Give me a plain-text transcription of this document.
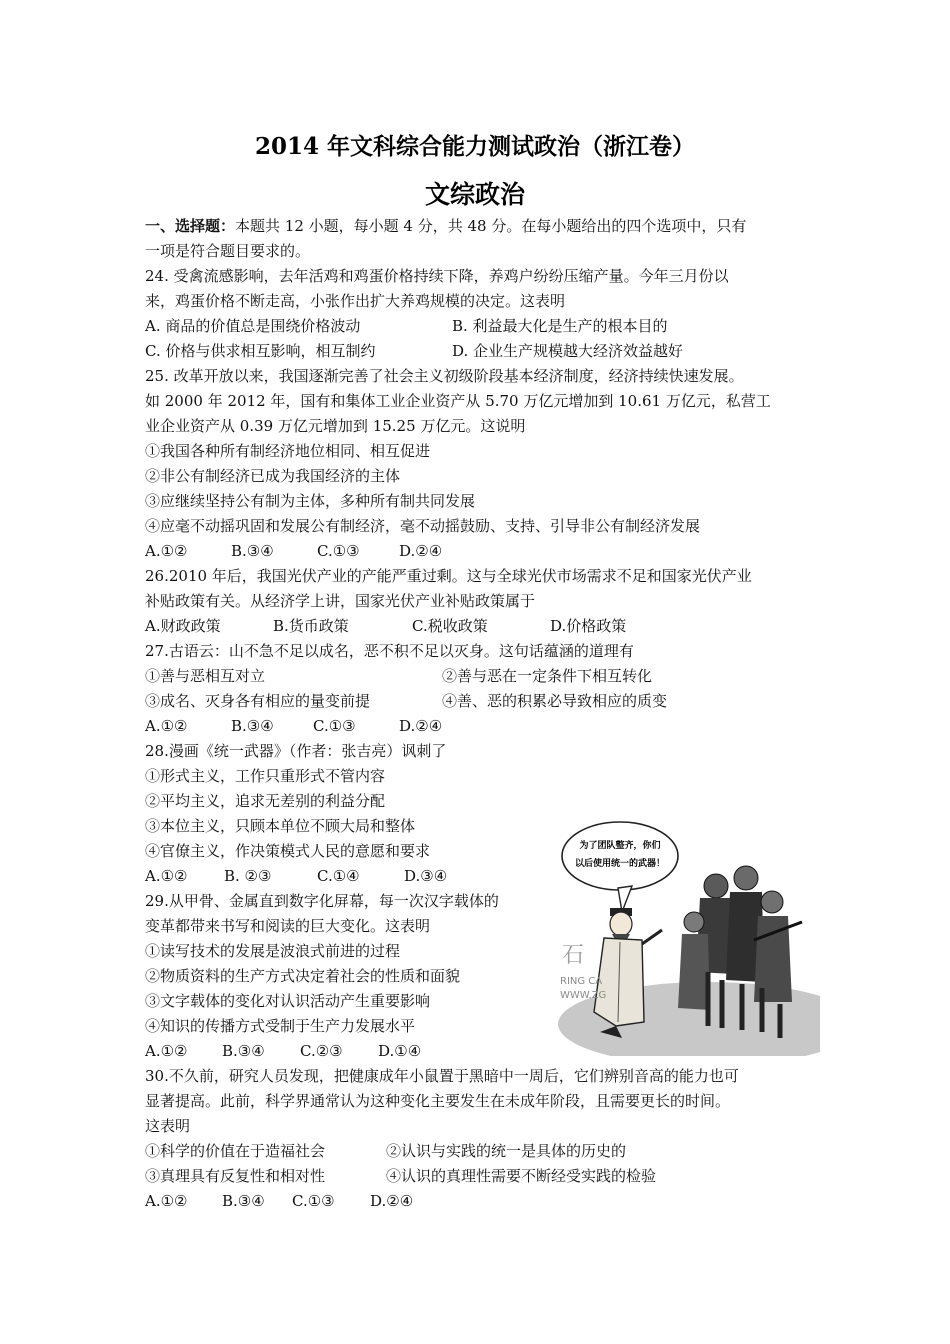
2014 年文科综合能力测试政治（浙江卷）
文综政治
一、选择题：本题共 12 小题，每小题 4 分，共 48 分。在每小题给出的四个选项中，只有
一项是符合题目要求的。
24. 受禽流感影响，去年活鸡和鸡蛋价格持续下降，养鸡户纷纷压缩产量。今年三月份以
来，鸡蛋价格不断走高，小张作出扩大养鸡规模的决定。这表明
A. 商品的价值总是围绕价格波动	B. 利益最大化是生产的根本目的
C. 价格与供求相互影响，相互制约	D. 企业生产规模越大经济效益越好
25. 改革开放以来，我国逐渐完善了社会主义初级阶段基本经济制度，经济持续快速发展。
如 2000 年 2012 年，国有和集体工业企业资产从 5.70 万亿元增加到 10.61 万亿元，私营工
业企业资产从 0.39 万亿元增加到 15.25 万亿元。这说明
①我国各种所有制经济地位相同、相互促进
②非公有制经济已成为我国经济的主体
③应继续坚持公有制为主体，多种所有制共同发展
④应毫不动摇巩固和发展公有制经济，毫不动摇鼓励、支持、引导非公有制经济发展
A.①②	B.③④	C.①③	D.②④
26.2010 年后，我国光伏产业的产能严重过剩。这与全球光伏市场需求不足和国家光伏产业
补贴政策有关。从经济学上讲，国家光伏产业补贴政策属于
A.财政政策	B.货币政策	C.税收政策	D.价格政策
27.古语云：山不急不足以成名，恶不积不足以灭身。这句话蕴涵的道理有
①善与恶相互对立	②善与恶在一定条件下相互转化
③成名、灭身各有相应的量变前提	④善、恶的积累必导致相应的质变
A.①②	B.③④	C.①③	D.②④
28.漫画《统一武器》（作者：张吉亮）讽刺了
①形式主义，工作只重形式不管内容
②平均主义，追求无差别的利益分配
③本位主义，只顾本单位不顾大局和整体
④官僚主义，作决策模式人民的意愿和要求
A.①② B. ②③	C.①④	D.③④
29.从甲骨、金属直到数字化屏幕，每一次汉字载体的
变革都带来书写和阅读的巨大变化。这表明
①读写技术的发展是波浪式前进的过程
②物质资料的生产方式决定着社会的性质和面貌
③文字载体的变化对认识活动产生重要影响
④知识的传播方式受制于生产力发展水平
A.①② B.③④ C.②③ D.①④
30.不久前，研究人员发现，把健康成年小鼠置于黑暗中一周后，它们辨别音高的能力也可
显著提高。此前，科学界通常认为这种变化主要发生在未成年阶段，且需要更长的时间。
这表明
①科学的价值在于造福社会	②认识与实践的统一是具体的历史的
③真理具有反复性和相对性	④认识的真理性需要不断经受实践的检验
A.①② B.③④ C.①③ D.②④
为了团队整齐，你们
以后使用统一的武器！
石
RING CA
WWW.ZG
